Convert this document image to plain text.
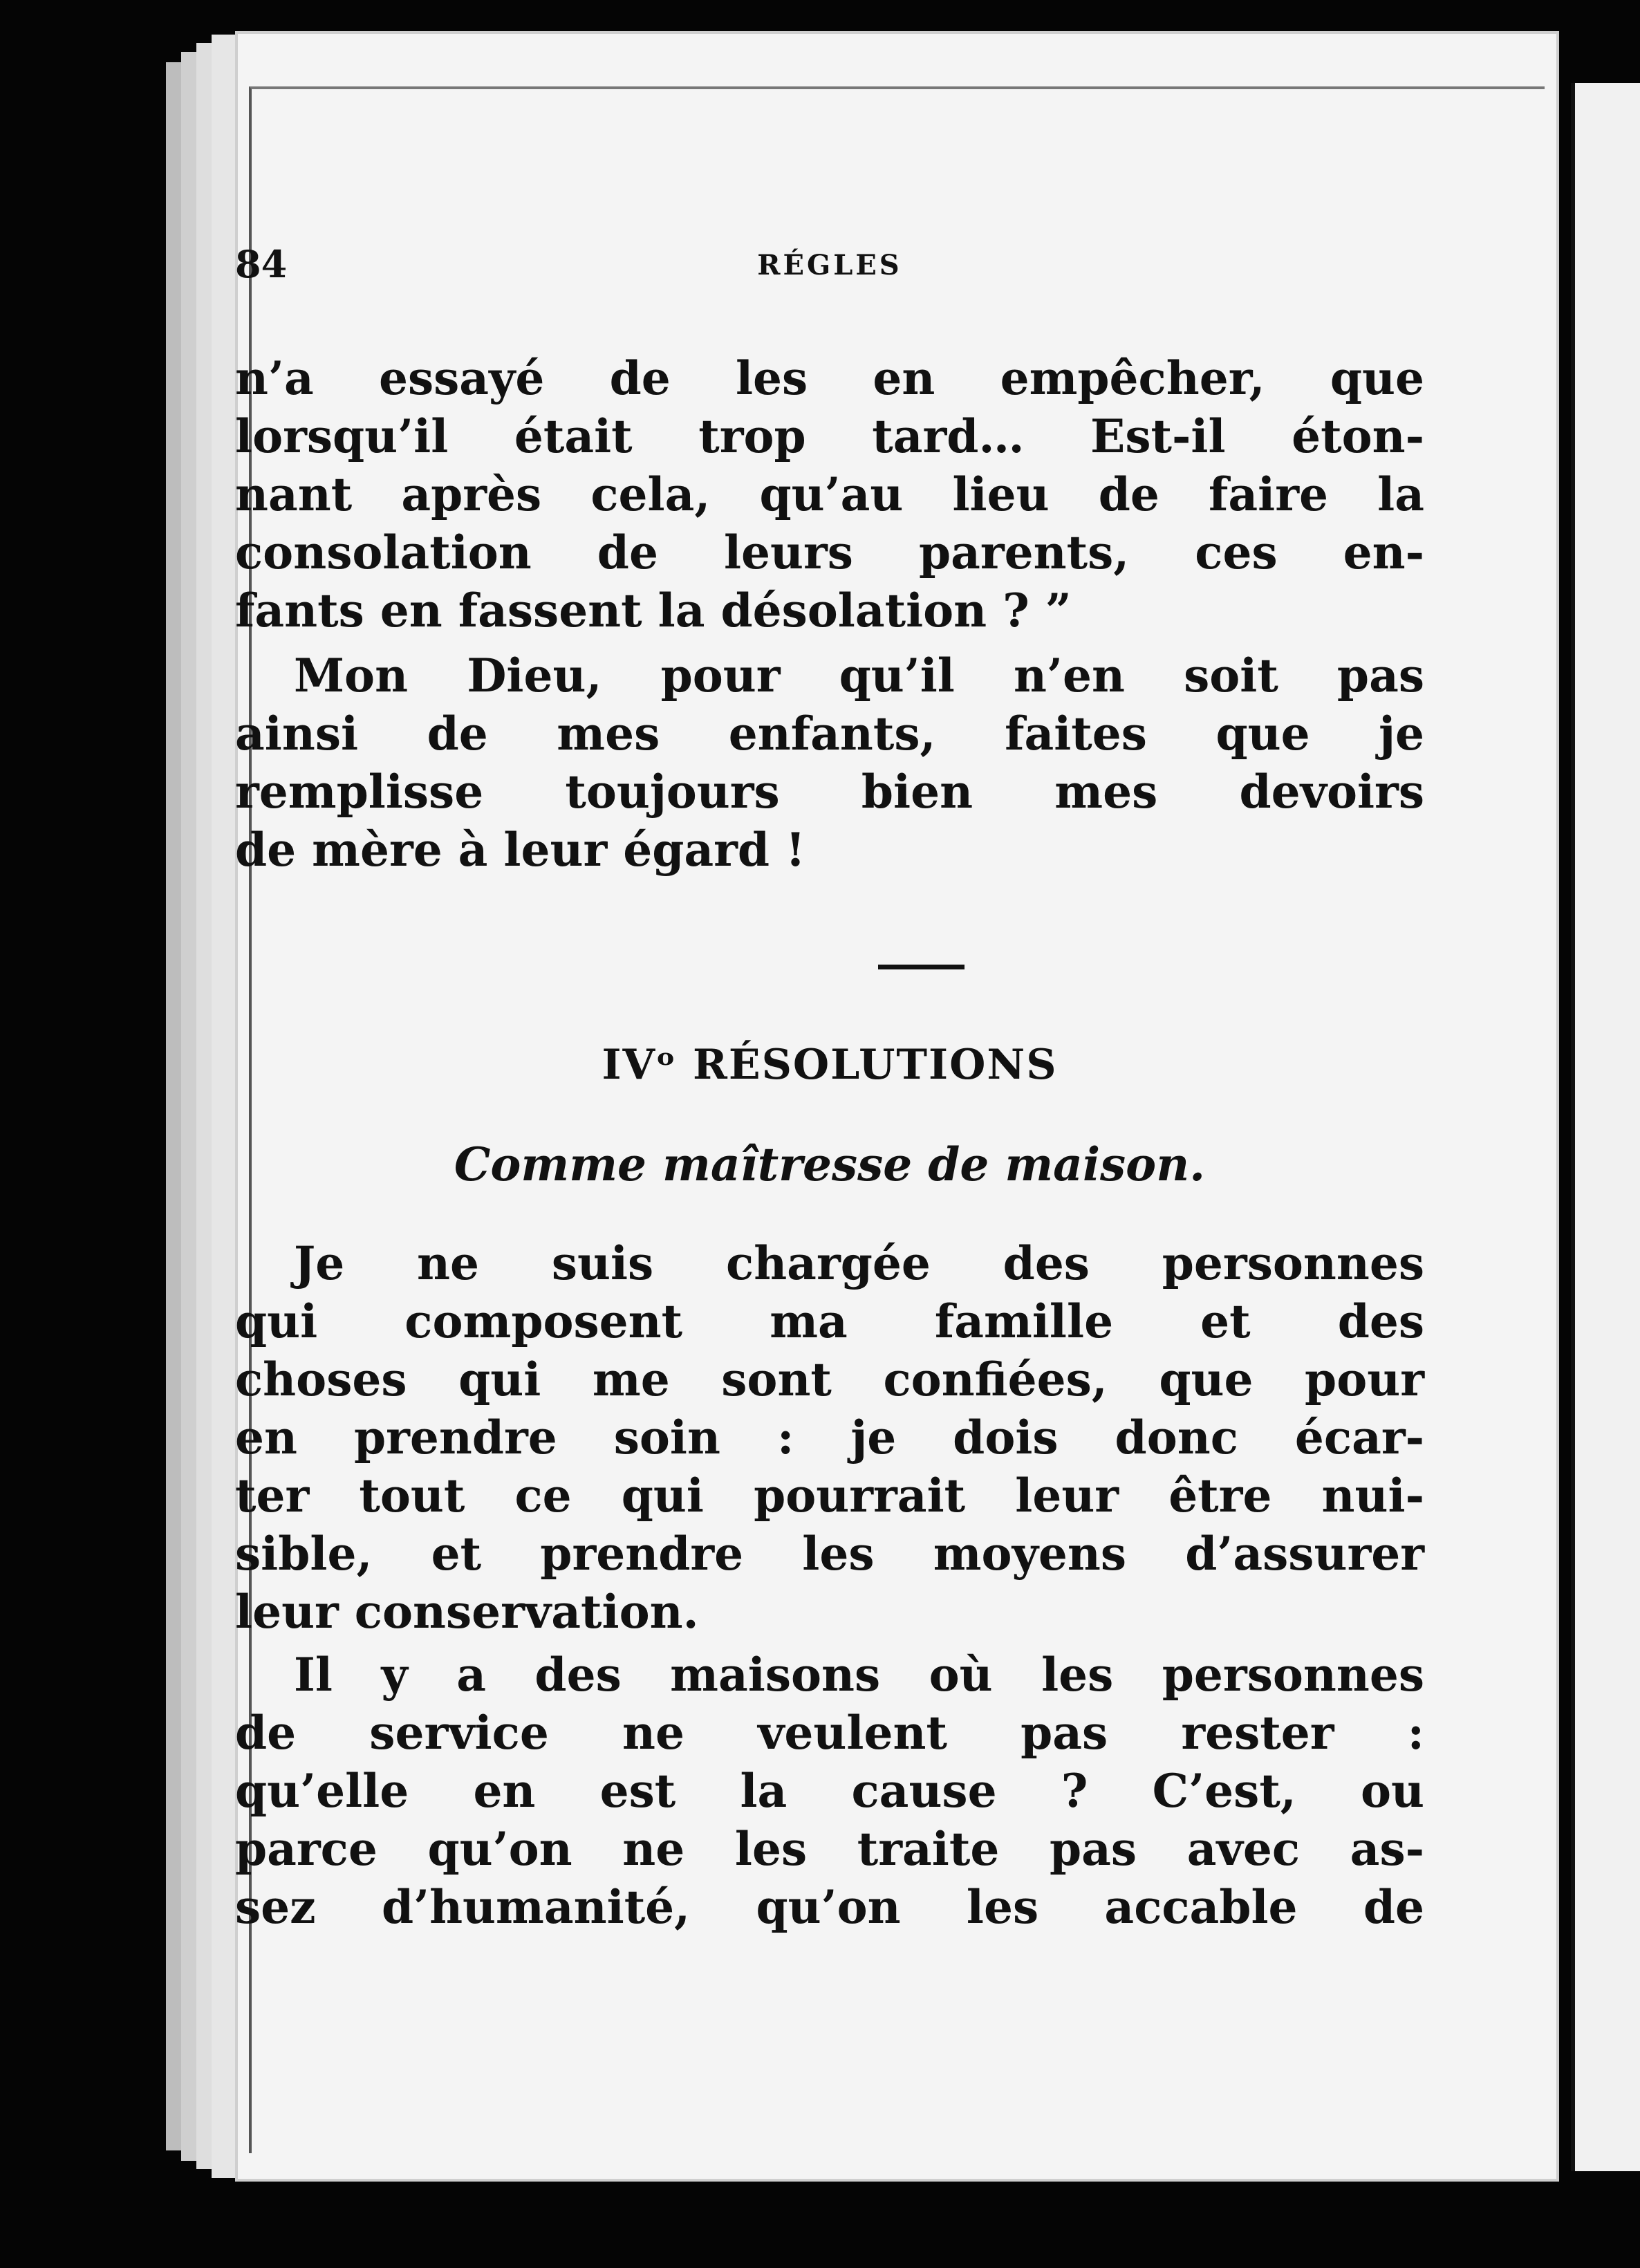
84	RÉGLES

n’a essayé de les en empêcher, que

lorsqu’il était trop tard… Est-il éton-

nant après cela, qu’au lieu de faire la

consolation de leurs parents, ces en-

fants en fassent la désolation ? ”

Mon Dieu, pour qu’il n’en soit pas

ainsi de mes enfants, faites que je

remplisse toujours bien mes devoirs

de mère à leur égard !

IVᵒ RÉSOLUTIONS
Comme maîtresse de maison.

Je ne suis chargée des personnes

qui composent ma famille et des

choses qui me sont confiées, que pour

en prendre soin : je dois donc écar-

ter tout ce qui pourrait leur être nui-

sible, et prendre les moyens d’assurer

leur conservation.

Il y a des maisons où les personnes

de service ne veulent pas rester :

qu’elle en est la cause ? C’est, ou

parce qu’on ne les traite pas avec as-

sez d’humanité, qu’on les accable de
